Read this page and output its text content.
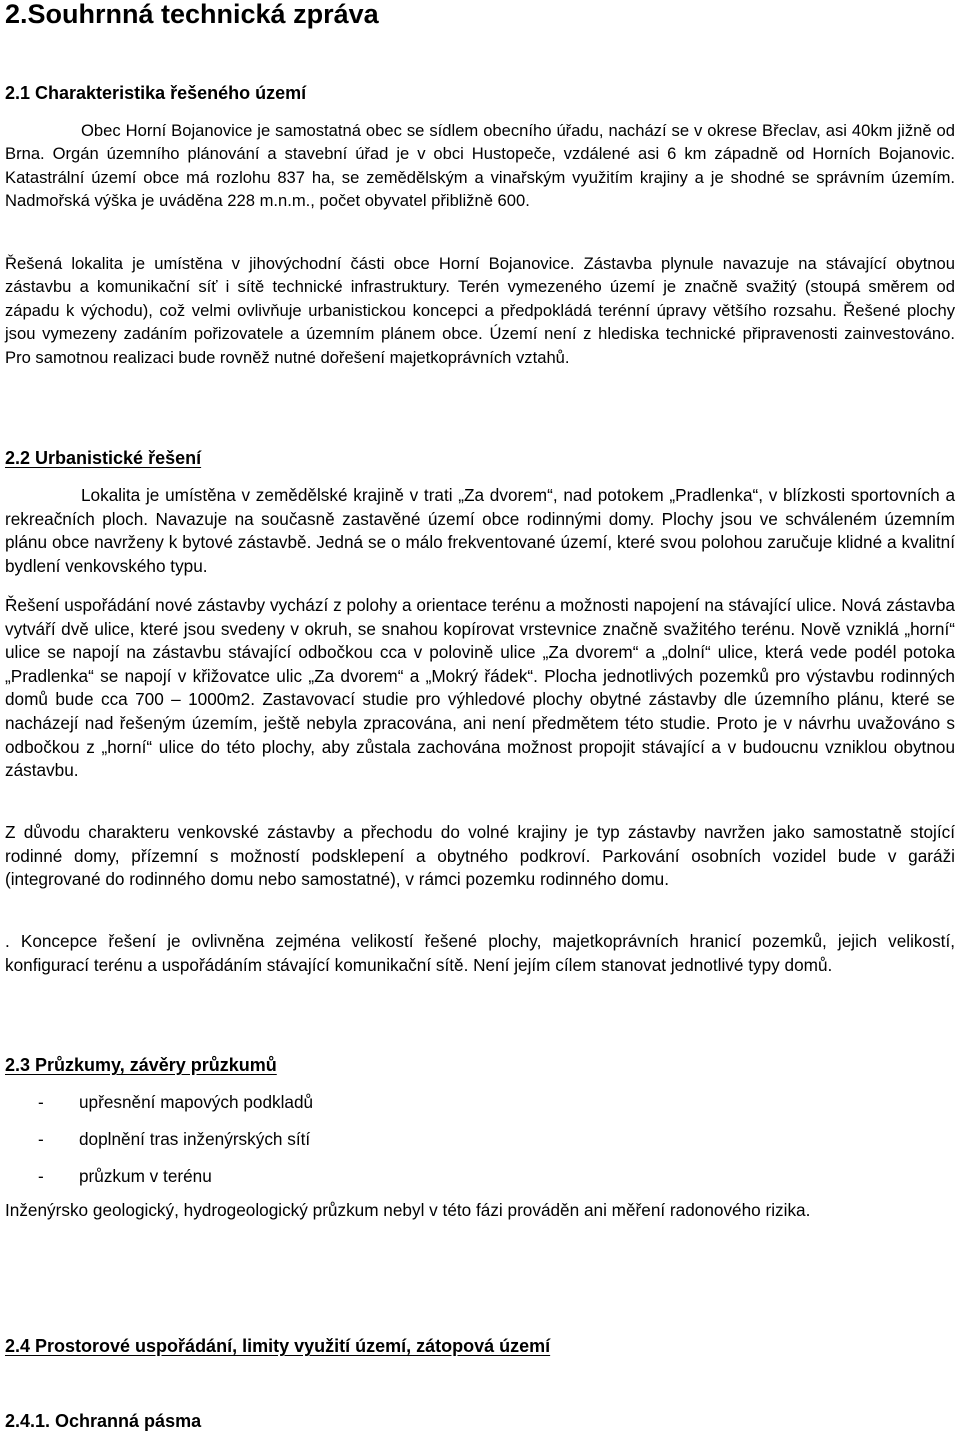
2.Souhrnná technická zpráva
2.1 Charakteristika řešeného území

Obec Horní Bojanovice je samostatná obec se sídlem obecního úřadu, nachází se v okrese Břeclav, asi 40km jižně od Brna. Orgán územního plánování a stavební úřad je v obci Hustopeče, vzdálené asi 6 km západně od Horních Bojanovic. Katastrální území obce má rozlohu 837 ha, se zemědělským a vinařským využitím krajiny a je shodné se správním územím. Nadmořská výška je uváděna 228 m.n.m., počet obyvatel přibližně 600.

Řešená lokalita je umístěna v jihovýchodní části obce Horní Bojanovice. Zástavba plynule navazuje na stávající obytnou zástavbu a komunikační síť i sítě technické infrastruktury. Terén vymezeného území je značně svažitý (stoupá směrem od západu k východu), což velmi ovlivňuje urbanistickou koncepci a předpokládá terénní úpravy většího rozsahu. Řešené plochy jsou vymezeny zadáním pořizovatele a územním plánem obce. Území není z hlediska technické připravenosti zainvestováno. Pro samotnou realizaci bude rovněž nutné dořešení majetkoprávních vztahů.

2.2 Urbanistické řešení

Lokalita je umístěna v zemědělské krajině v trati „Za dvorem“, nad potokem „Pradlenka“, v blízkosti sportovních a rekreačních ploch. Navazuje na současně zastavěné území obce rodinnými domy. Plochy jsou ve schváleném územním plánu obce navrženy k bytové zástavbě. Jedná se o málo frekventované území, které svou polohou zaručuje klidné a kvalitní bydlení venkovského typu.

Řešení uspořádání nové zástavby vychází z polohy a orientace terénu a možnosti napojení na stávající ulice. Nová zástavba vytváří dvě ulice, které jsou svedeny v okruh, se snahou kopírovat vrstevnice značně svažitého terénu. Nově vzniklá „horní“ ulice se napojí na zástavbu stávající odbočkou cca v polovině ulice „Za dvorem“ a „dolní“ ulice, která vede podél potoka „Pradlenka“ se napojí v křižovatce ulic „Za dvorem“ a „Mokrý řádek“. Plocha jednotlivých pozemků pro výstavbu rodinných domů bude cca 700 – 1000m2. Zastavovací studie pro výhledové plochy obytné zástavby dle územního plánu, které se nacházejí nad řešeným územím, ještě nebyla zpracována, ani není předmětem této studie. Proto je v návrhu uvažováno s odbočkou z „horní“ ulice do této plochy, aby zůstala zachována možnost propojit stávající a v budoucnu vzniklou obytnou zástavbu.

Z důvodu charakteru venkovské zástavby a přechodu do volné krajiny je typ zástavby navržen jako samostatně stojící rodinné domy, přízemní s možností podsklepení a obytného podkroví. Parkování osobních vozidel bude v garáži (integrované do rodinného domu nebo samostatné), v rámci pozemku rodinného domu.

. Koncepce řešení je ovlivněna zejména velikostí řešené plochy, majetkoprávních hranicí pozemků, jejich velikostí, konfigurací terénu a uspořádáním stávající komunikační sítě. Není jejím cílem stanovat jednotlivé typy domů.

2.3 Průzkumy, závěry průzkumů
- upřesnění mapových podkladů
- doplnění tras inženýrských sítí
- průzkum v terénu

Inženýrsko geologický, hydrogeologický průzkum nebyl v této fázi prováděn ani měření radonového rizika.

2.4 Prostorové uspořádání, limity využití území, zátopová území
2.4.1. Ochranná pásma
